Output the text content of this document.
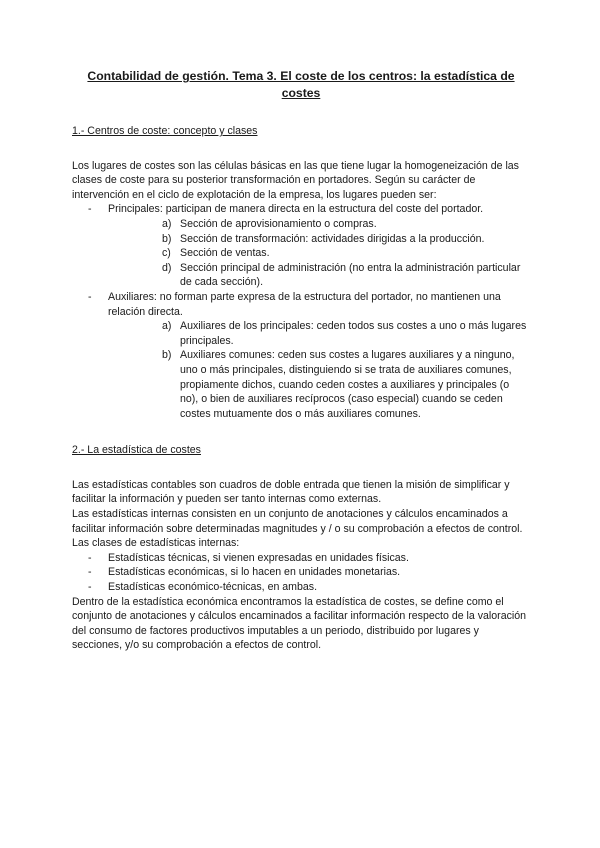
Contabilidad de gestión. Tema 3. El coste de los centros: la estadística de costes
1.- Centros de coste: concepto y clases

Los lugares de costes son las células básicas en las que tiene lugar la homogeneización de las clases de coste para su posterior transformación en portadores. Según su carácter de intervención en el ciclo de explotación de la empresa, los lugares pueden ser:

- Principales: participan de manera directa en la estructura del coste del portador.
a) Sección de aprovisionamiento o compras.
b) Sección de transformación: actividades dirigidas a la producción.
c) Sección de ventas.
d) Sección principal de administración (no entra la administración particular de cada sección).
- Auxiliares: no forman parte expresa de la estructura del portador, no mantienen una relación directa.
a) Auxiliares de los principales: ceden todos sus costes a uno o más lugares principales.
b) Auxiliares comunes: ceden sus costes a lugares auxiliares y a ninguno, uno o más principales, distinguiendo si se trata de auxiliares comunes, propiamente dichos, cuando ceden costes a auxiliares y principales (o no), o bien de auxiliares recíprocos (caso especial) cuando se ceden costes mutuamente dos o más auxiliares comunes.
2.- La estadística de costes

Las estadísticas contables son cuadros de doble entrada que tienen la misión de simplificar y facilitar la información y pueden ser tanto internas como externas.

Las estadísticas internas consisten en un conjunto de anotaciones y cálculos encaminados a facilitar información sobre determinadas magnitudes y / o su comprobación a efectos de control. Las clases de estadísticas internas:

- Estadísticas técnicas, si vienen expresadas en unidades físicas.
- Estadísticas económicas, si lo hacen en unidades monetarias.
- Estadísticas económico-técnicas, en ambas.

Dentro de la estadística económica encontramos la estadística de costes, se define como el conjunto de anotaciones y cálculos encaminados a facilitar información respecto de la valoración del consumo de factores productivos imputables a un periodo, distribuido por lugares y secciones, y/o su comprobación a efectos de control.
